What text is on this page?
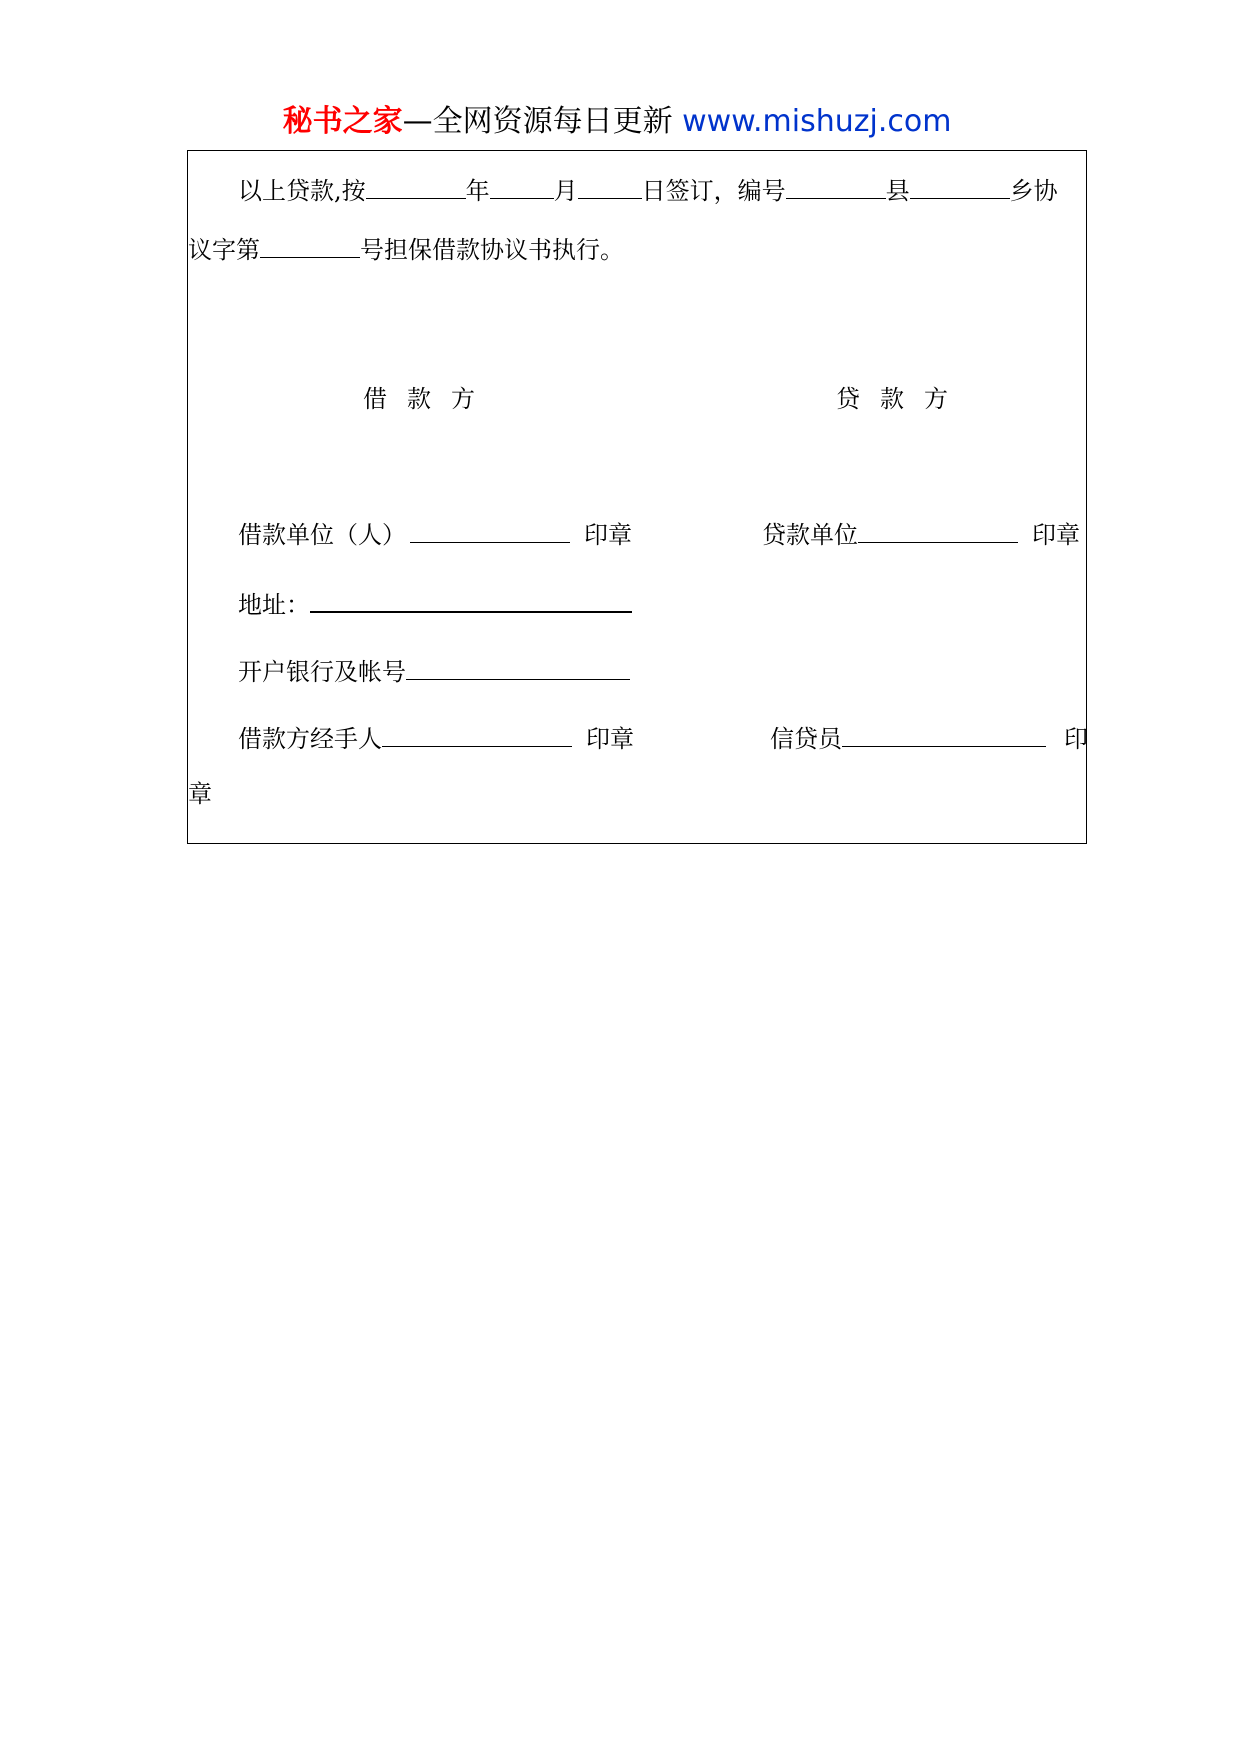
秘书之家—全网资源每日更新 www.mishuzj.com
以上贷款,按	年	月	日签订，编号	县	乡协
议字第	号担保借款协议书执行。
借款方	贷款方
借款单位（人）	印章	贷款单位	印章
地址：
开户银行及帐号
借款方经手人	印章	信贷员	印
章
